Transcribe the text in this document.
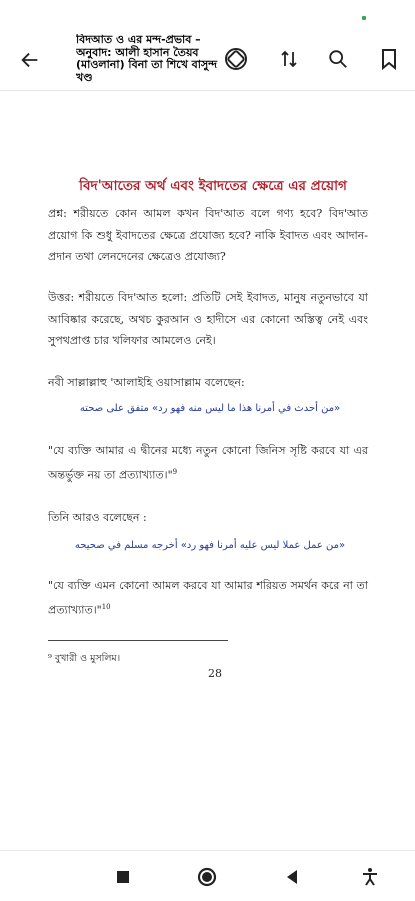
বিদআত ও এর মন্দ-প্রভাব – অনুবাদ: আলী হাসান তৈয়ব (মাওলানা) বিনা তা শিখে বাসুন্দ খণ্ড
বিদ'আতের অর্থ এবং ইবাদতের ক্ষেত্রে এর প্রয়োগ
প্রশ্ন: শরীয়তে কোন আমল কখন বিদ'আত বলে গণ্য হবে? বিদ'আত প্রয়োগ কি শুধু ইবাদতের ক্ষেত্রে প্রযোজ্য হবে? নাকি ইবাদত এবং আদান-প্রদান তথা লেনদেনের ক্ষেত্রেও প্রযোজ্য?
উত্তর: শরীয়তে বিদ'আত হলো: প্রতিটি সেই ইবাদত, মানুষ নতুনভাবে যা আবিষ্কার করেছে, অথচ কুরআন ও হাদীসে এর কোনো অস্তিত্ব নেই এবং সুপথপ্রাপ্ত চার খলিফার আমলেও নেই।
নবী সাল্লাল্লাহু 'আলাইহি ওয়াসাল্লাম বলেছেন:
«من أحدث في أمرنا هذا ما ليس منه فهو رد» متفق على صحته
"যে ব্যক্তি আমার এ দ্বীনের মধ্যে নতুন কোনো জিনিস সৃষ্টি করবে যা এর অন্তর্ভুক্ত নয় তা প্রত্যাখ্যাত।"$^9$
তিনি আরও বলেছেন :
«من عمل عملا ليس عليه أمرنا فهو رد» أخرجه مسلم في صحيحه
"যে ব্যক্তি এমন কোনো আমল করবে যা আমার শরিয়ত সমর্থন করে না তা প্রত্যাখ্যাত।"$^{10}$
⁹ বুখারী ও মুসলিম।
28
